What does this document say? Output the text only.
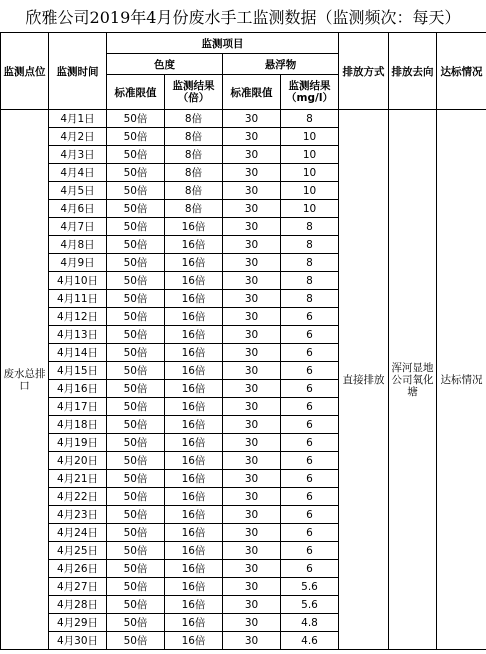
欣雅公司2019年4月份废水手工监测数据（监测频次：每天）
监测点位	监测时间	监测项目				排放方式	排放去向	达标情况
		色度		悬浮物				
		标准限值	监测结果（倍）	标准限值	监测结果（mg/l）			
废水总排口	4月1日	50倍	8倍	30	8	直接排放	浑河显地公司氧化塘	达标情况
	4月2日	50倍	8倍	30	10			
	4月3日	50倍	8倍	30	10			
	4月4日	50倍	8倍	30	10			
	4月5日	50倍	8倍	30	10			
	4月6日	50倍	8倍	30	10			
	4月7日	50倍	16倍	30	8			
	4月8日	50倍	16倍	30	8			
	4月9日	50倍	16倍	30	8			
	4月10日	50倍	16倍	30	8			
	4月11日	50倍	16倍	30	8			
	4月12日	50倍	16倍	30	6			
	4月13日	50倍	16倍	30	6			
	4月14日	50倍	16倍	30	6			
	4月15日	50倍	16倍	30	6			
	4月16日	50倍	16倍	30	6			
	4月17日	50倍	16倍	30	6			
	4月18日	50倍	16倍	30	6			
	4月19日	50倍	16倍	30	6			
	4月20日	50倍	16倍	30	6			
	4月21日	50倍	16倍	30	6			
	4月22日	50倍	16倍	30	6			
	4月23日	50倍	16倍	30	6			
	4月24日	50倍	16倍	30	6			
	4月25日	50倍	16倍	30	6			
	4月26日	50倍	16倍	30	6			
	4月27日	50倍	16倍	30	5.6			
	4月28日	50倍	16倍	30	5.6			
	4月29日	50倍	16倍	30	4.8			
	4月30日	50倍	16倍	30	4.6			
